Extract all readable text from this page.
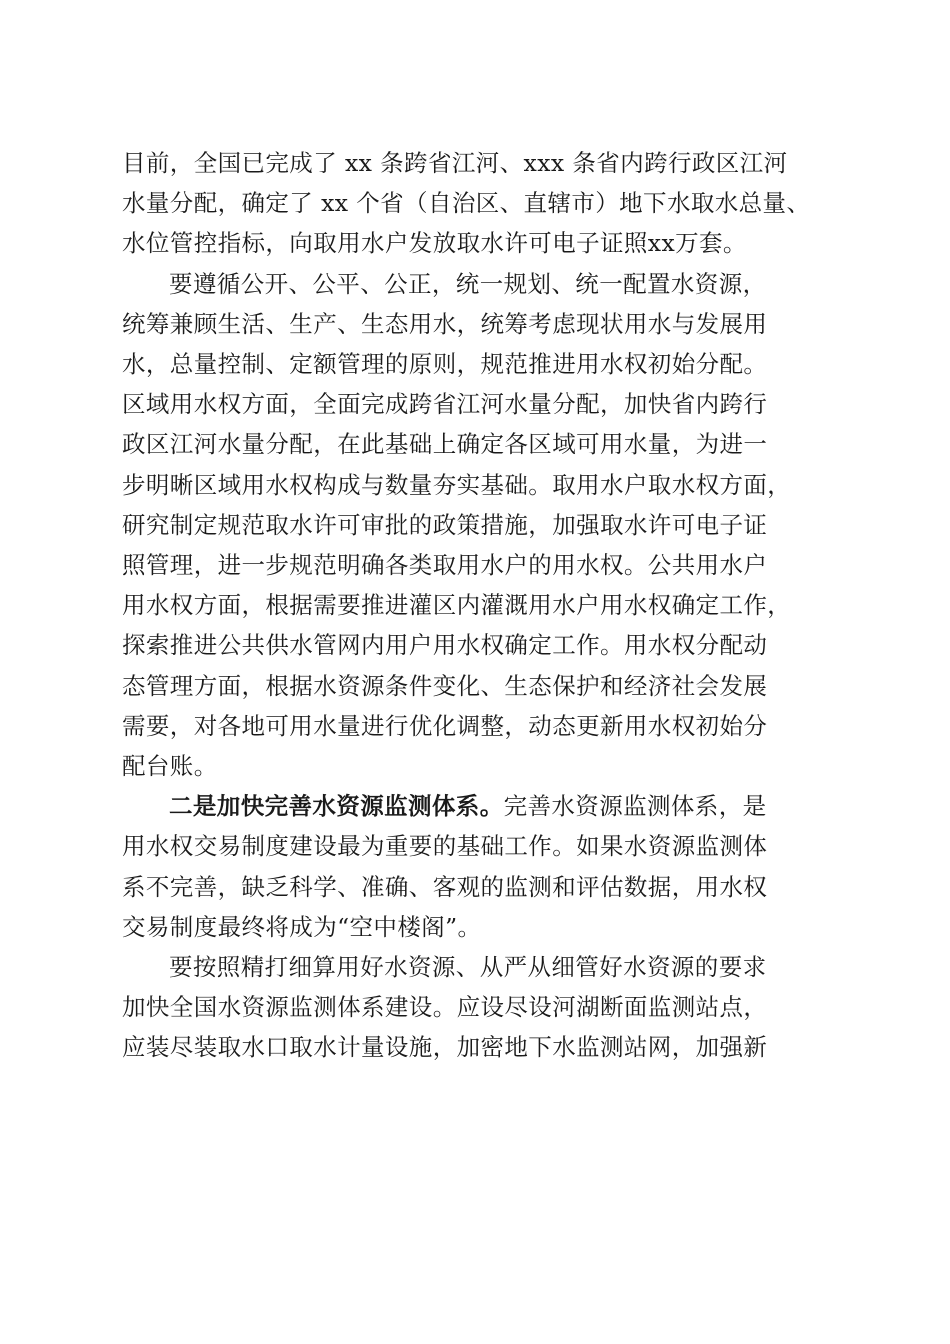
目前，全国已完成了 xx 条跨省江河、xxx 条省内跨行政区江河
水量分配，确定了 xx 个省（自治区、直辖市）地下水取水总量、
水位管控指标，向取用水户发放取水许可电子证照xx万套。

要遵循公开、公平、公正，统一规划、统一配置水资源，
统筹兼顾生活、生产、生态用水，统筹考虑现状用水与发展用
水，总量控制、定额管理的原则，规范推进用水权初始分配。
区域用水权方面，全面完成跨省江河水量分配，加快省内跨行
政区江河水量分配，在此基础上确定各区域可用水量，为进一
步明晰区域用水权构成与数量夯实基础。取用水户取水权方面，
研究制定规范取水许可审批的政策措施，加强取水许可电子证
照管理，进一步规范明确各类取用水户的用水权。公共用水户
用水权方面，根据需要推进灌区内灌溉用水户用水权确定工作，
探索推进公共供水管网内用户用水权确定工作。用水权分配动
态管理方面，根据水资源条件变化、生态保护和经济社会发展
需要，对各地可用水量进行优化调整，动态更新用水权初始分
配台账。

二是加快完善水资源监测体系。完善水资源监测体系，是
用水权交易制度建设最为重要的基础工作。如果水资源监测体
系不完善，缺乏科学、准确、客观的监测和评估数据，用水权
交易制度最终将成为“空中楼阁”。

要按照精打细算用好水资源、从严从细管好水资源的要求
加快全国水资源监测体系建设。应设尽设河湖断面监测站点，
应装尽装取水口取水计量设施，加密地下水监测站网，加强新
